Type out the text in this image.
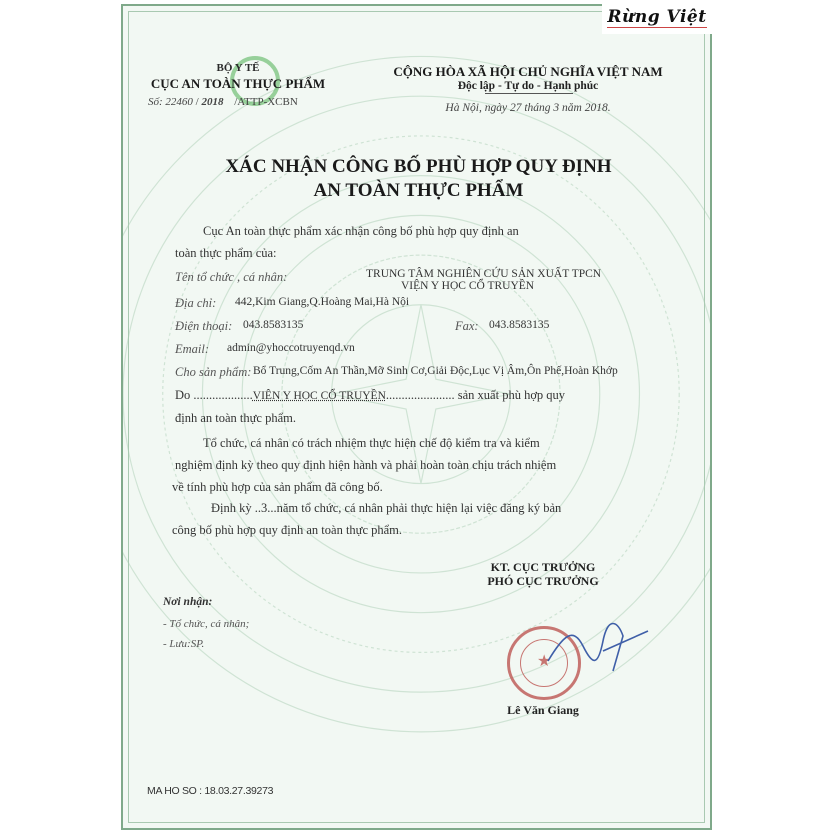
Rừng Việt
BỘ Y TẾ
CỤC AN TOÀN THỰC PHẨM
Số: 22460 / 2018 /ATTP-XCBN
CỘNG HÒA XÃ HỘI CHỦ NGHĨA VIỆT NAM
Độc lập - Tự do - Hạnh phúc
Hà Nội, ngày 27 tháng 3 năm 2018.
XÁC NHẬN CÔNG BỐ PHÙ HỢP QUY ĐỊNH
AN TOÀN THỰC PHẨM
Cục An toàn thực phẩm xác nhận công bố phù hợp quy định an
toàn thực phẩm của:
Tên tổ chức , cá nhân:	TRUNG TÂM NGHIÊN CỨU SẢN XUẤT TPCN
VIỆN Y HỌC CỔ TRUYỀN
Địa chỉ: 442,Kim Giang,Q.Hoàng Mai,Hà Nội
Điện thoại: 043.8583135	Fax: 043.8583135
Email: admin@yhoccotruyenqd.vn
Cho sản phẩm: Bổ Trung,Cốm An Thần,Mỡ Sinh Cơ,Giải Độc,Lục Vị Âm,Ôn Phế,Hoàn Khớp
Do ...................VIỆN Y HỌC CỔ TRUYỀN...................... sản xuất phù hợp quy
định an toàn thực phẩm.
Tổ chức, cá nhân có trách nhiệm thực hiện chế độ kiểm tra và kiểm
nghiệm định kỳ theo quy định hiện hành và phải hoàn toàn chịu trách nhiệm
về tính phù hợp của sản phẩm đã công bố.
Định kỳ ..3...năm tổ chức, cá nhân phải thực hiện lại việc đăng ký bản
công bố phù hợp quy định an toàn thực phẩm.
KT. CỤC TRƯỞNG
PHÓ CỤC TRƯỞNG
★
Lê Văn Giang
Nơi nhận:
- Tổ chức, cá nhân;
- Lưu:SP.
MA HO SO : 18.03.27.39273
